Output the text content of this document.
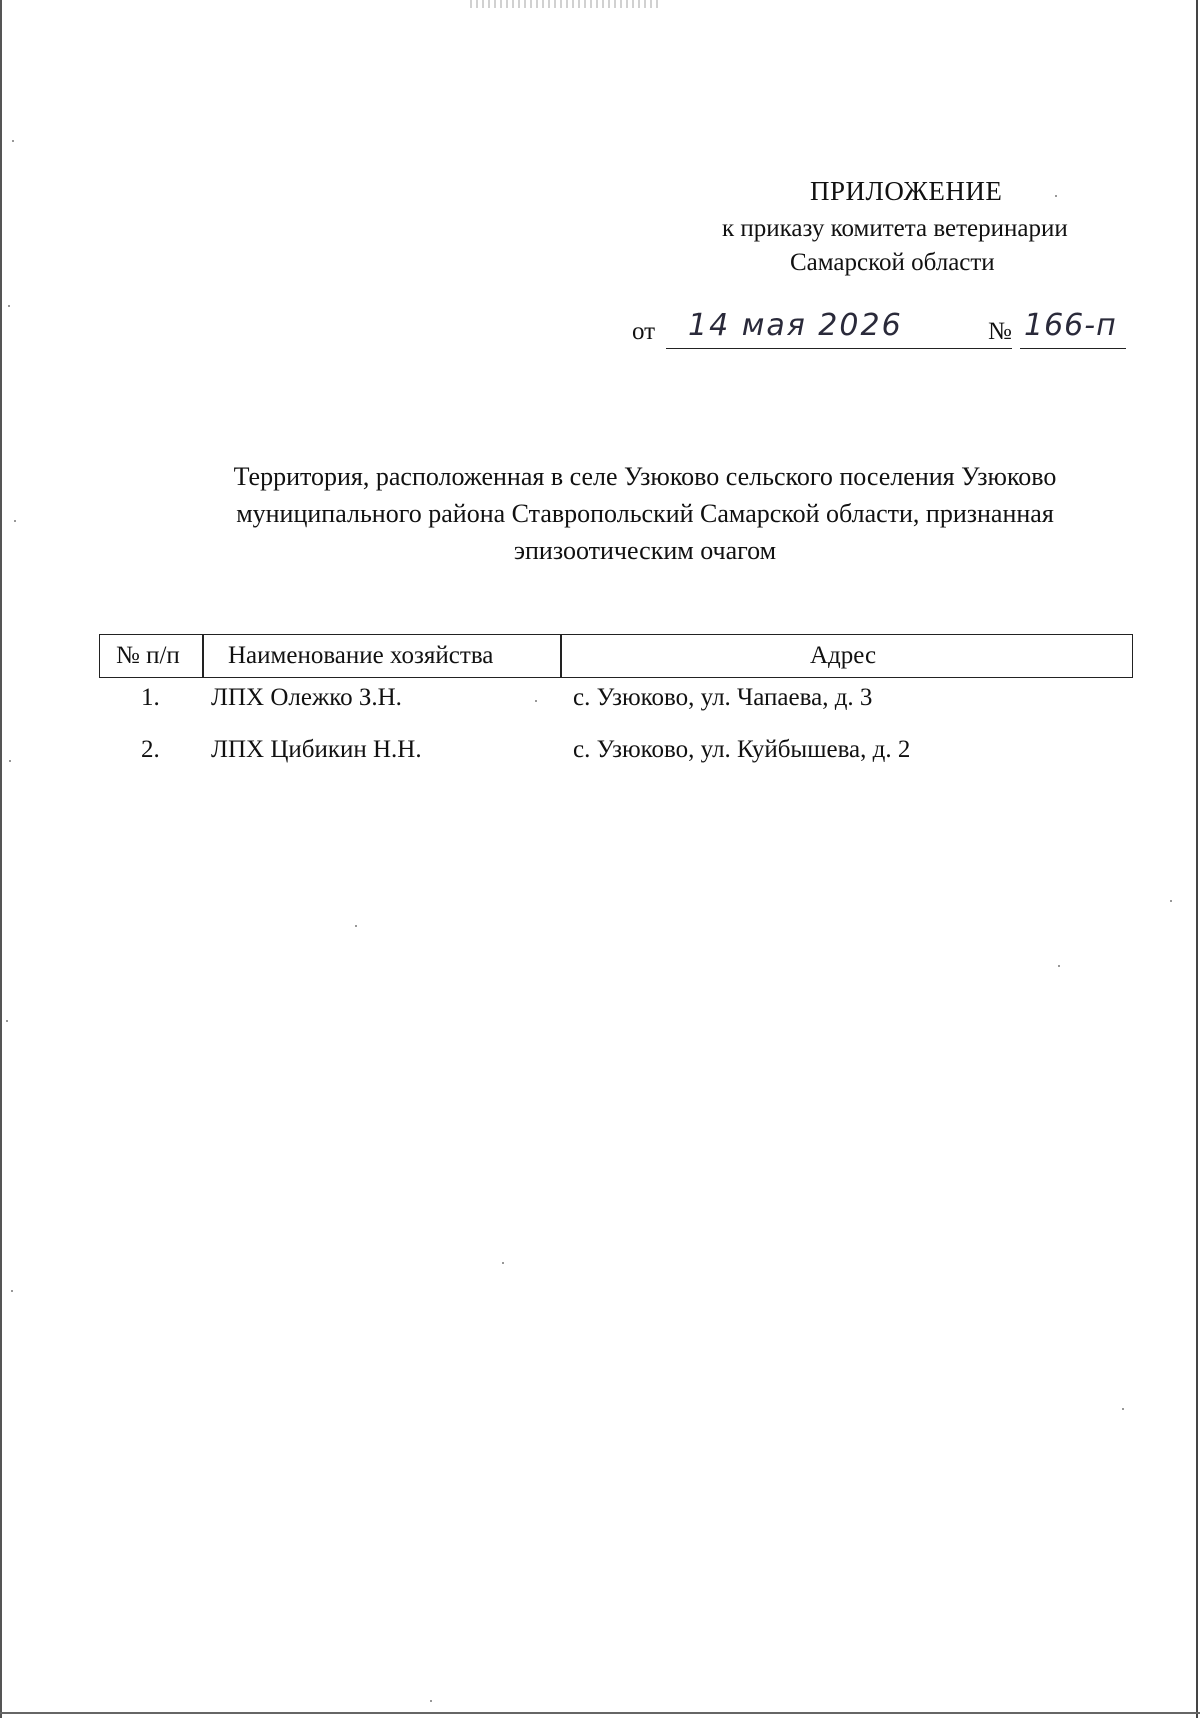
ПРИЛОЖЕНИЕ
к приказу комитета ветеринарии
Самарской области
от 14 мая 2026	№ 166-п
Территория, расположенная в селе Узюково сельского поселения Узюково
муниципального района Ставропольский Самарской области, признанная
эпизоотическим очагом
№ п/п Наименование хозяйства	Адрес
1. ЛПХ Олежко З.Н.	с. Узюково, ул. Чапаева, д. 3
2. ЛПХ Цибикин Н.Н.	с. Узюково, ул. Куйбышева, д. 2
